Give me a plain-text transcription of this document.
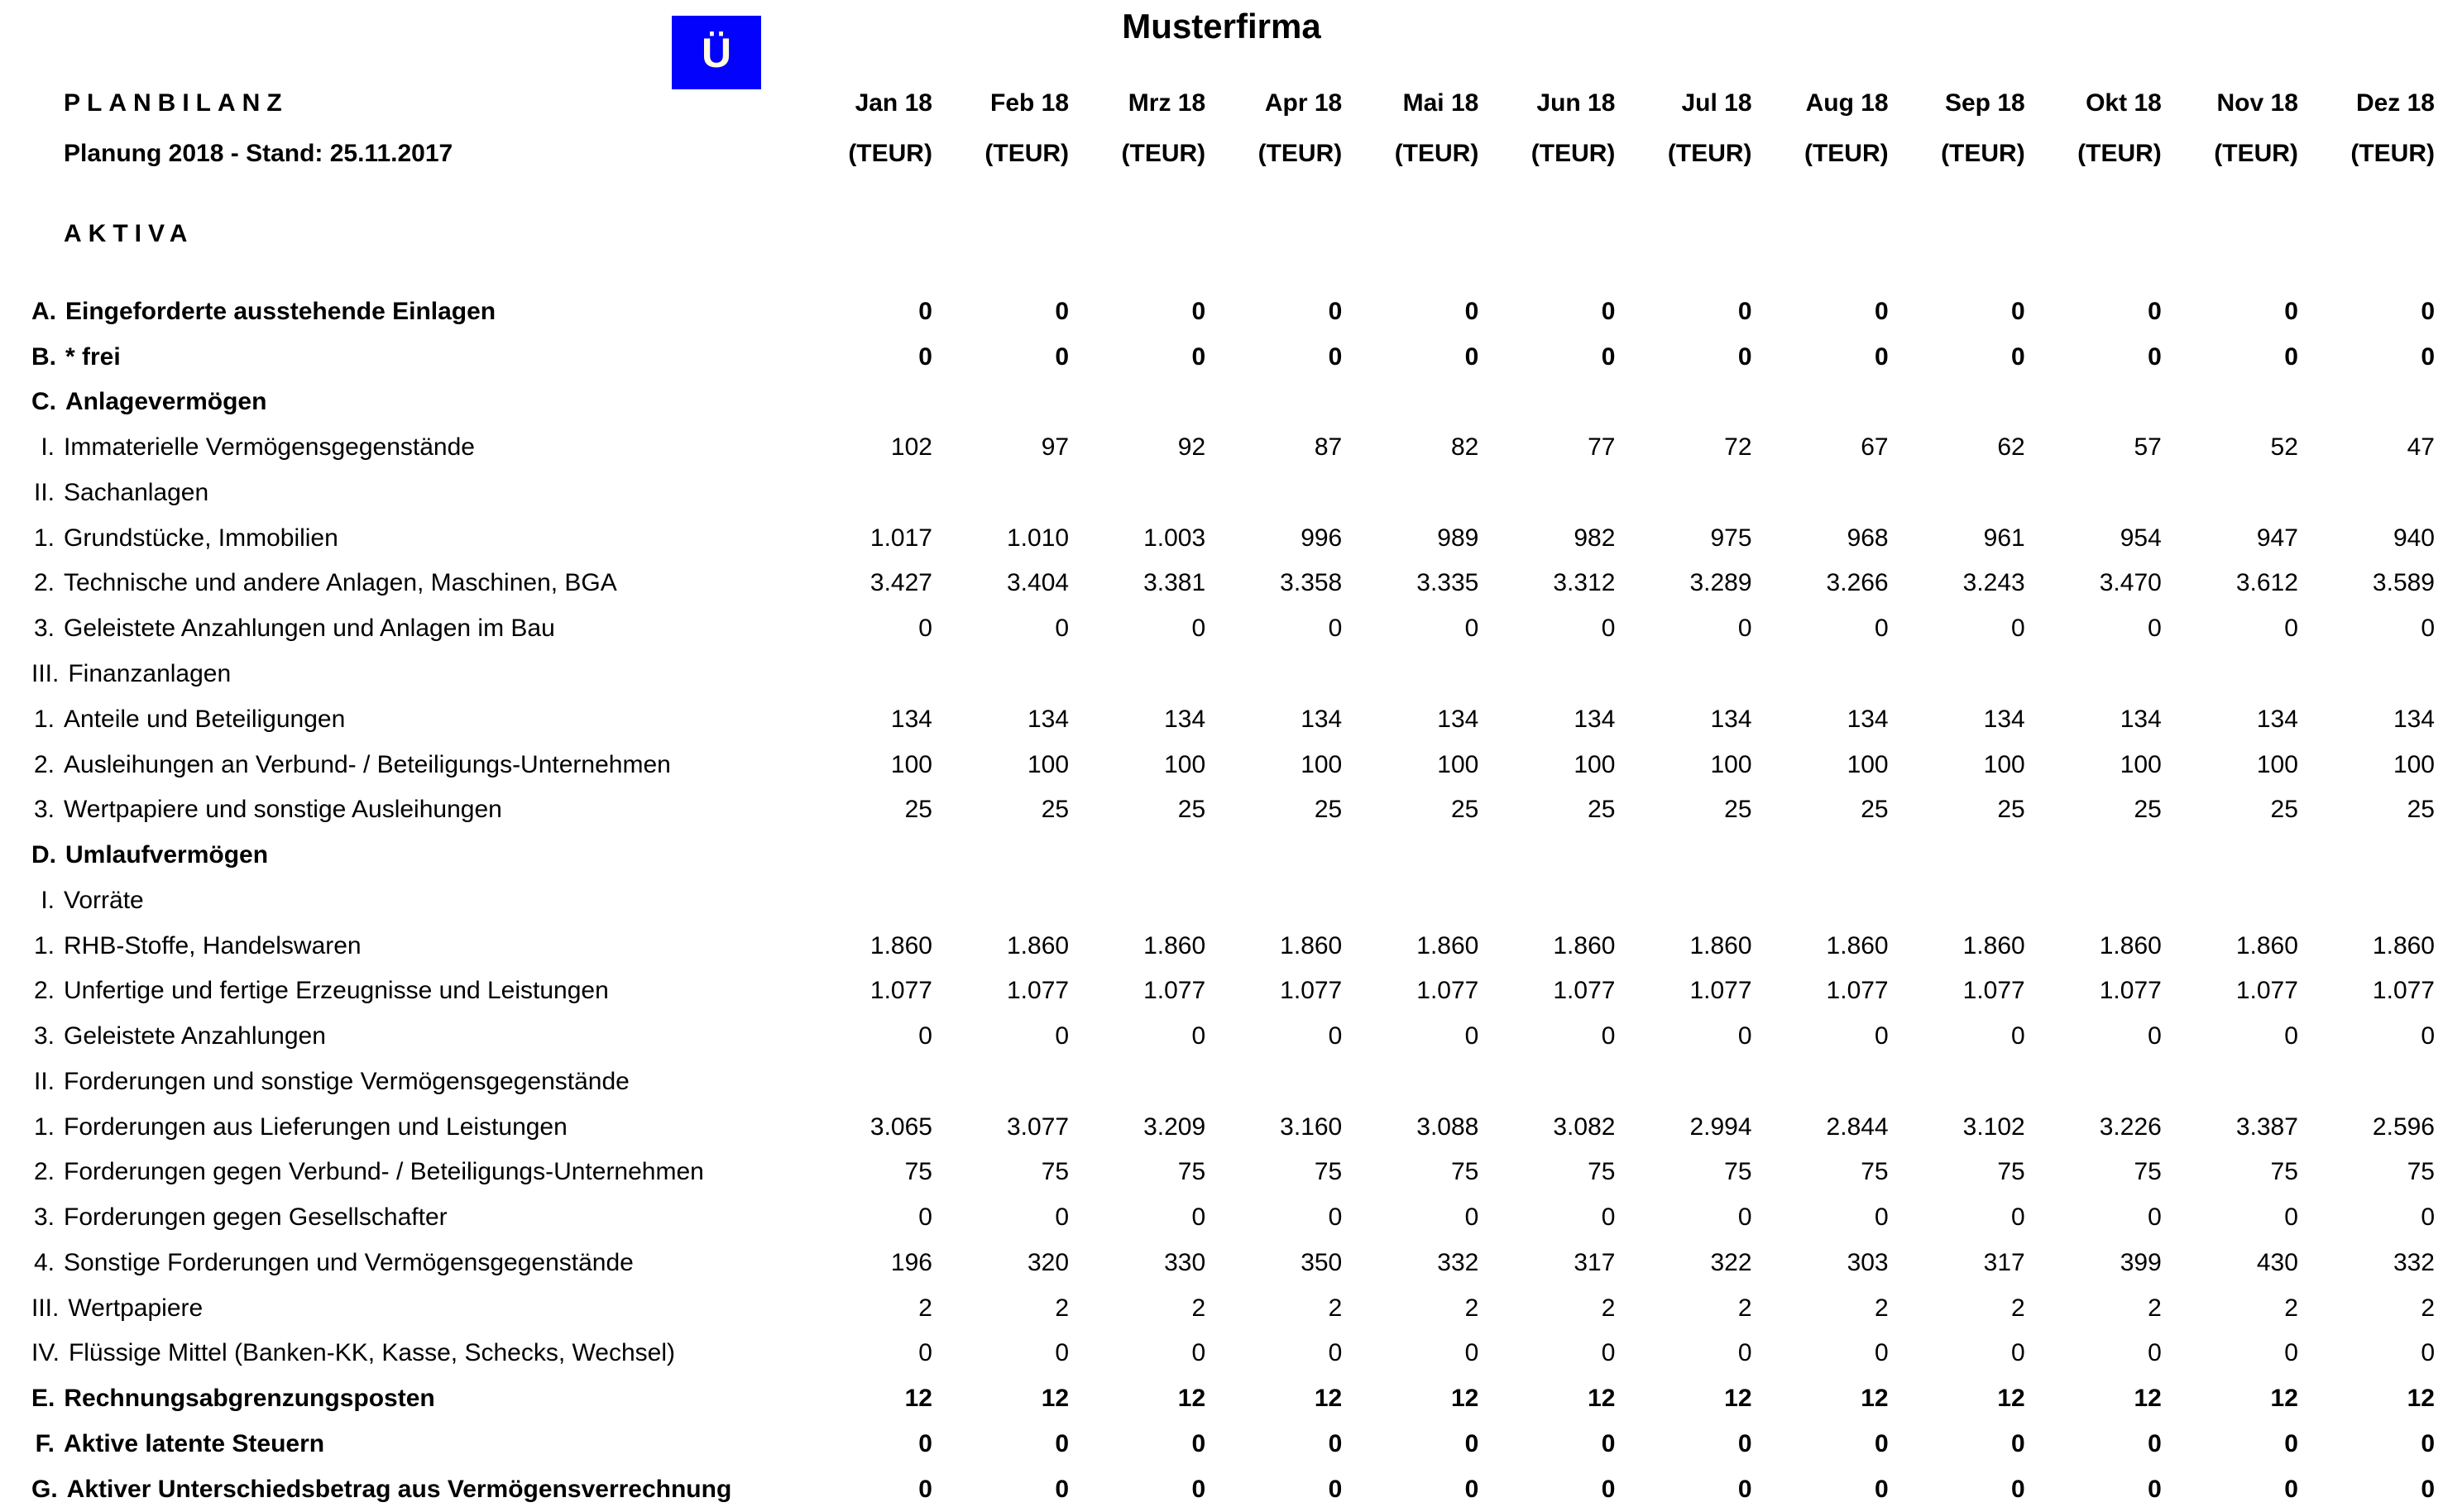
Musterfirma
Ü
PLANBILANZ	Jan 18	Feb 18	Mrz 18	Apr 18	Mai 18	Jun 18	Jul 18	Aug 18	Sep 18	Okt 18	Nov 18	Dez 18
Planung 2018 - Stand: 25.11.2017	(TEUR)	(TEUR)	(TEUR)	(TEUR)	(TEUR)	(TEUR)	(TEUR)	(TEUR)	(TEUR)	(TEUR)	(TEUR)	(TEUR)
AKTIVA
A. Eingeforderte ausstehende Einlagen	0	0	0	0	0	0	0	0	0	0	0	0
B. * frei	0	0	0	0	0	0	0	0	0	0	0	0
C. Anlagevermögen
I. Immaterielle Vermögensgegenstände	102	97	92	87	82	77	72	67	62	57	52	47
II. Sachanlagen
1. Grundstücke, Immobilien	1.017	1.010	1.003	996	989	982	975	968	961	954	947	940
2. Technische und andere Anlagen, Maschinen, BGA	3.427	3.404	3.381	3.358	3.335	3.312	3.289	3.266	3.243	3.470	3.612	3.589
3. Geleistete Anzahlungen und Anlagen im Bau	0	0	0	0	0	0	0	0	0	0	0	0
III. Finanzanlagen
1. Anteile und Beteiligungen	134	134	134	134	134	134	134	134	134	134	134	134
2. Ausleihungen an Verbund- / Beteiligungs-Unternehmen	100	100	100	100	100	100	100	100	100	100	100	100
3. Wertpapiere und sonstige Ausleihungen	25	25	25	25	25	25	25	25	25	25	25	25
D. Umlaufvermögen
I. Vorräte
1. RHB-Stoffe, Handelswaren	1.860	1.860	1.860	1.860	1.860	1.860	1.860	1.860	1.860	1.860	1.860	1.860
2. Unfertige und fertige Erzeugnisse und Leistungen	1.077	1.077	1.077	1.077	1.077	1.077	1.077	1.077	1.077	1.077	1.077	1.077
3. Geleistete Anzahlungen	0	0	0	0	0	0	0	0	0	0	0	0
II. Forderungen und sonstige Vermögensgegenstände
1. Forderungen aus Lieferungen und Leistungen	3.065	3.077	3.209	3.160	3.088	3.082	2.994	2.844	3.102	3.226	3.387	2.596
2. Forderungen gegen Verbund- / Beteiligungs-Unternehmen	75	75	75	75	75	75	75	75	75	75	75	75
3. Forderungen gegen Gesellschafter	0	0	0	0	0	0	0	0	0	0	0	0
4. Sonstige Forderungen und Vermögensgegenstände	196	320	330	350	332	317	322	303	317	399	430	332
III. Wertpapiere	2	2	2	2	2	2	2	2	2	2	2	2
IV. Flüssige Mittel (Banken-KK, Kasse, Schecks, Wechsel)	0	0	0	0	0	0	0	0	0	0	0	0
E. Rechnungsabgrenzungsposten	12	12	12	12	12	12	12	12	12	12	12	12
F. Aktive latente Steuern	0	0	0	0	0	0	0	0	0	0	0	0
G. Aktiver Unterschiedsbetrag aus Vermögensverrechnung	0	0	0	0	0	0	0	0	0	0	0	0
